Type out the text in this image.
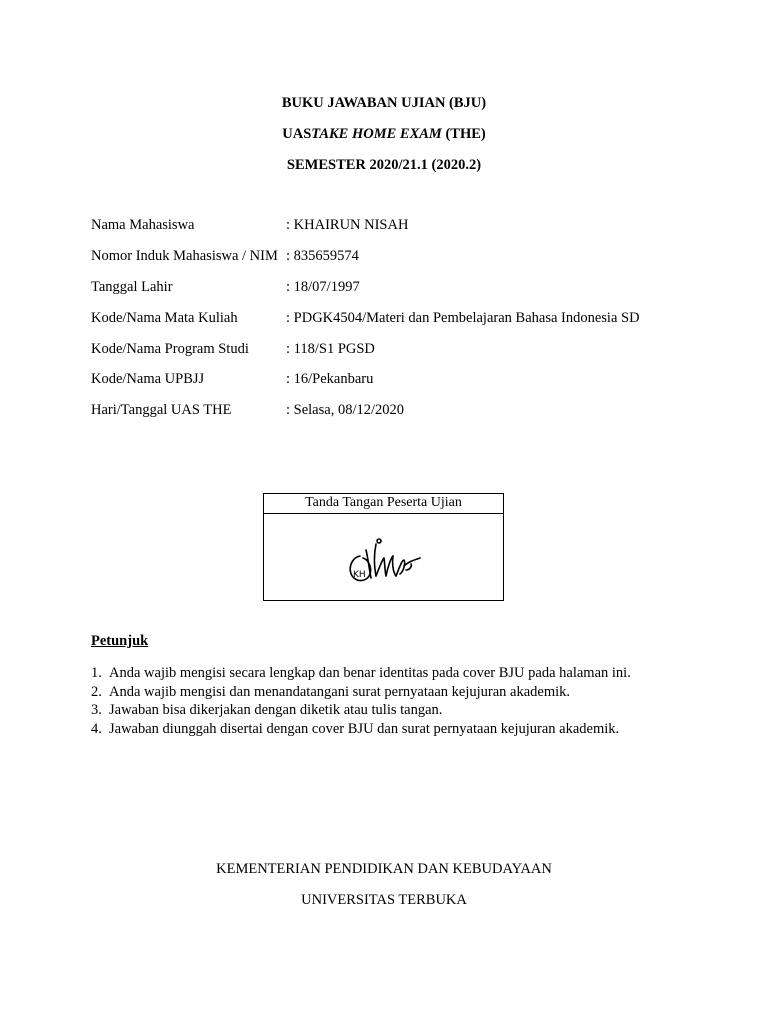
BUKU JAWABAN UJIAN (BJU)
UASTAKE HOME EXAM (THE)
SEMESTER 2020/21.1 (2020.2)
Nama Mahasiswa	: KHAIRUN NISAH
Nomor Induk Mahasiswa / NIM : 835659574
Tanggal Lahir	: 18/07/1997
Kode/Nama Mata Kuliah	: PDGK4504/Materi dan Pembelajaran Bahasa Indonesia SD
Kode/Nama Program Studi	: 118/S1 PGSD
Kode/Nama UPBJJ	: 16/Pekanbaru
Hari/Tanggal UAS THE	: Selasa, 08/12/2020
Tanda Tangan Peserta Ujian
KH
Petunjuk
1. Anda wajib mengisi secara lengkap dan benar identitas pada cover BJU pada halaman ini.
2. Anda wajib mengisi dan menandatangani surat pernyataan kejujuran akademik.
3. Jawaban bisa dikerjakan dengan diketik atau tulis tangan.
4. Jawaban diunggah disertai dengan cover BJU dan surat pernyataan kejujuran akademik.
KEMENTERIAN PENDIDIKAN DAN KEBUDAYAAN
UNIVERSITAS TERBUKA
